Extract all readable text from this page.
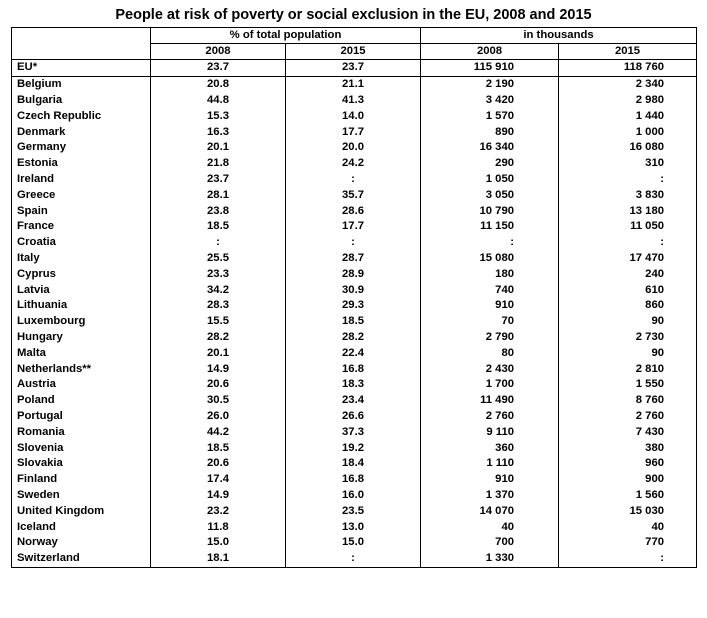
People at risk of poverty or social exclusion in the EU, 2008 and 2015
	% of total population		in thousands	
	2008	2015	2008	2015
EU*	23.7	23.7	115 910	118 760
Belgium	20.8	21.1	2 190	2 340
Bulgaria	44.8	41.3	3 420	2 980
Czech Republic	15.3	14.0	1 570	1 440
Denmark	16.3	17.7	890	1 000
Germany	20.1	20.0	16 340	16 080
Estonia	21.8	24.2	290	310
Ireland	23.7	:	1 050	:
Greece	28.1	35.7	3 050	3 830
Spain	23.8	28.6	10 790	13 180
France	18.5	17.7	11 150	11 050
Croatia	:	:	:	:
Italy	25.5	28.7	15 080	17 470
Cyprus	23.3	28.9	180	240
Latvia	34.2	30.9	740	610
Lithuania	28.3	29.3	910	860
Luxembourg	15.5	18.5	70	90
Hungary	28.2	28.2	2 790	2 730
Malta	20.1	22.4	80	90
Netherlands**	14.9	16.8	2 430	2 810
Austria	20.6	18.3	1 700	1 550
Poland	30.5	23.4	11 490	8 760
Portugal	26.0	26.6	2 760	2 760
Romania	44.2	37.3	9 110	7 430
Slovenia	18.5	19.2	360	380
Slovakia	20.6	18.4	1 110	960
Finland	17.4	16.8	910	900
Sweden	14.9	16.0	1 370	1 560
United Kingdom	23.2	23.5	14 070	15 030
Iceland	11.8	13.0	40	40
Norway	15.0	15.0	700	770
Switzerland	18.1	:	1 330	:
